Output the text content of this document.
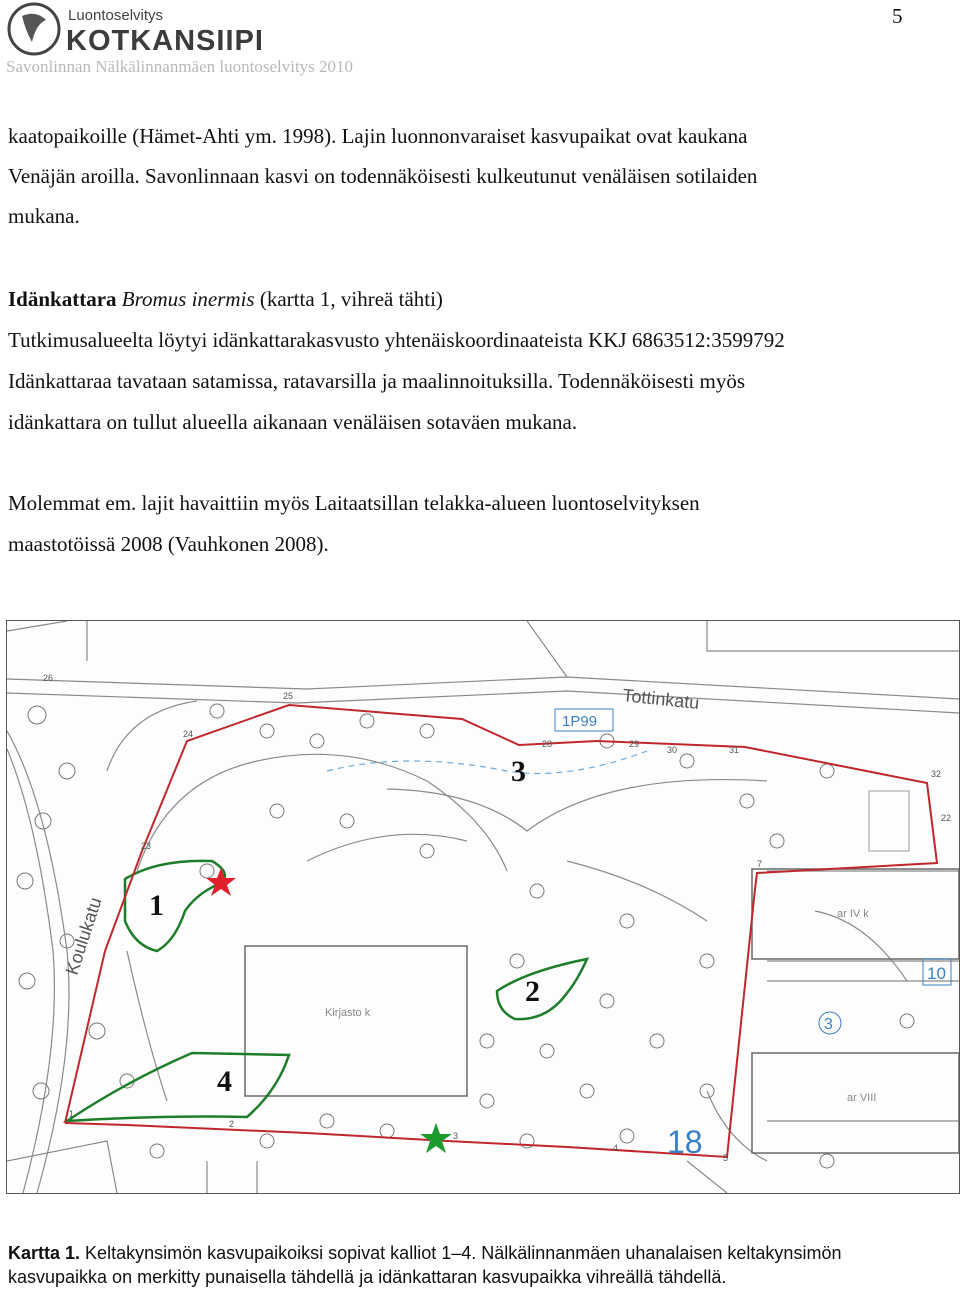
Luontoselvitys
KOTKANSIIPI
Savonlinnan Nälkälinnanmäen luontoselvitys 2010
5

kaatopaikoille (Hämet-Ahti ym. 1998). Lajin luonnonvaraiset kasvupaikat ovat kaukana

Venäjän aroilla. Savonlinnaan kasvi on todennäköisesti kulkeutunut venäläisen sotilaiden

mukana.

Idänkattara Bromus inermis (kartta 1, vihreä tähti)

Tutkimusalueelta löytyi idänkattarakasvusto yhtenäiskoordinaateista KKJ 6863512:3599792

Idänkattaraa tavataan satamissa, ratavarsilla ja maalinnoituksilla. Todennäköisesti myös

idänkattara on tullut alueella aikanaan venäläisen sotaväen mukana.

Molemmat em. lajit havaittiin myös Laitaatsillan telakka-alueen luontoselvityksen

maastotöissä 2008 (Vauhkonen 2008).

1
2
3
4
Tottinkatu
Koulukatu
1P99
Kirjasto k
ar IV k
ar VIII
18
10
3
23
24
25
26
28	29
30	31
32
22
7
1
2
3
4
5
Kartta 1. Keltakynsimön kasvupaikoiksi sopivat kalliot 1–4. Nälkälinnanmäen uhanalaisen keltakynsimön kasvupaikka on merkitty punaisella tähdellä ja idänkattaran kasvupaikka vihreällä tähdellä.
